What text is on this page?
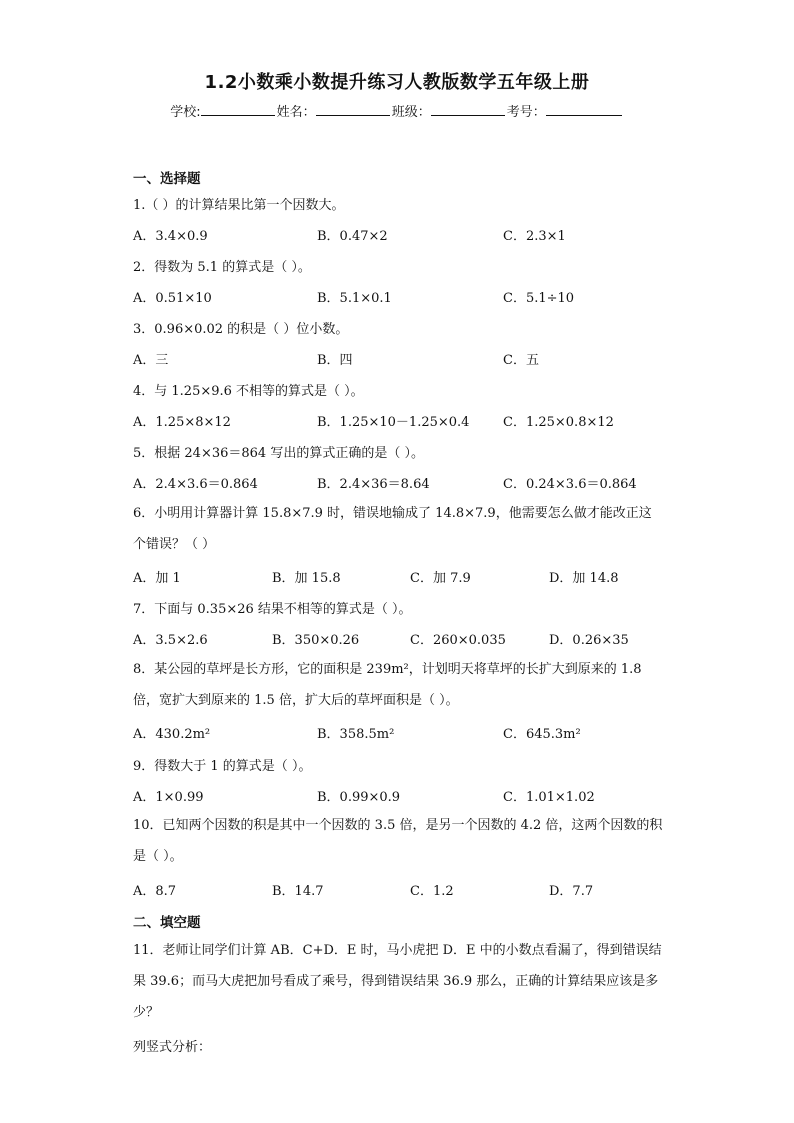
1.2小数乘小数提升练习人教版数学五年级上册
学校:	姓名：	班级：	考号：
一、选择题
1.（ ）的计算结果比第一个因数大。
A．3.4×0.9	B．0.47×2	C．2.3×1
2．得数为 5.1 的算式是（ ）。
A．0.51×10	B．5.1×0.1	C．5.1÷10
3．0.96×0.02 的积是（ ）位小数。
A．三	B．四	C．五
4．与 1.25×9.6 不相等的算式是（ ）。
A．1.25×8×12	B．1.25×10－1.25×0.4	C．1.25×0.8×12
5．根据 24×36＝864 写出的算式正确的是（ ）。
A．2.4×3.6＝0.864	B．2.4×36＝8.64	C．0.24×3.6＝0.864
6．小明用计算器计算 15.8×7.9 时，错误地输成了 14.8×7.9，他需要怎么做才能改正这个错误？（ ）
A．加 1	B．加 15.8	C．加 7.9	D．加 14.8
7．下面与 0.35×26 结果不相等的算式是（ ）。
A．3.5×2.6	B．350×0.26	C．260×0.035	D．0.26×35
8．某公园的草坪是长方形，它的面积是 239m²，计划明天将草坪的长扩大到原来的 1.8 倍，宽扩大到原来的 1.5 倍，扩大后的草坪面积是（ ）。
A．430.2m²	B．358.5m²	C．645.3m²
9．得数大于 1 的算式是（ ）。
A．1×0.99	B．0.99×0.9	C．1.01×1.02
10．已知两个因数的积是其中一个因数的 3.5 倍，是另一个因数的 4.2 倍，这两个因数的积是（ ）。
A．8.7	B．14.7	C．1.2	D．7.7
二、填空题
11．老师让同学们计算 AB．C+D．E 时，马小虎把 D．E 中的小数点看漏了，得到错误结果 39.6；而马大虎把加号看成了乘号，得到错误结果 36.9 那么，正确的计算结果应该是多少？
列竖式分析：
